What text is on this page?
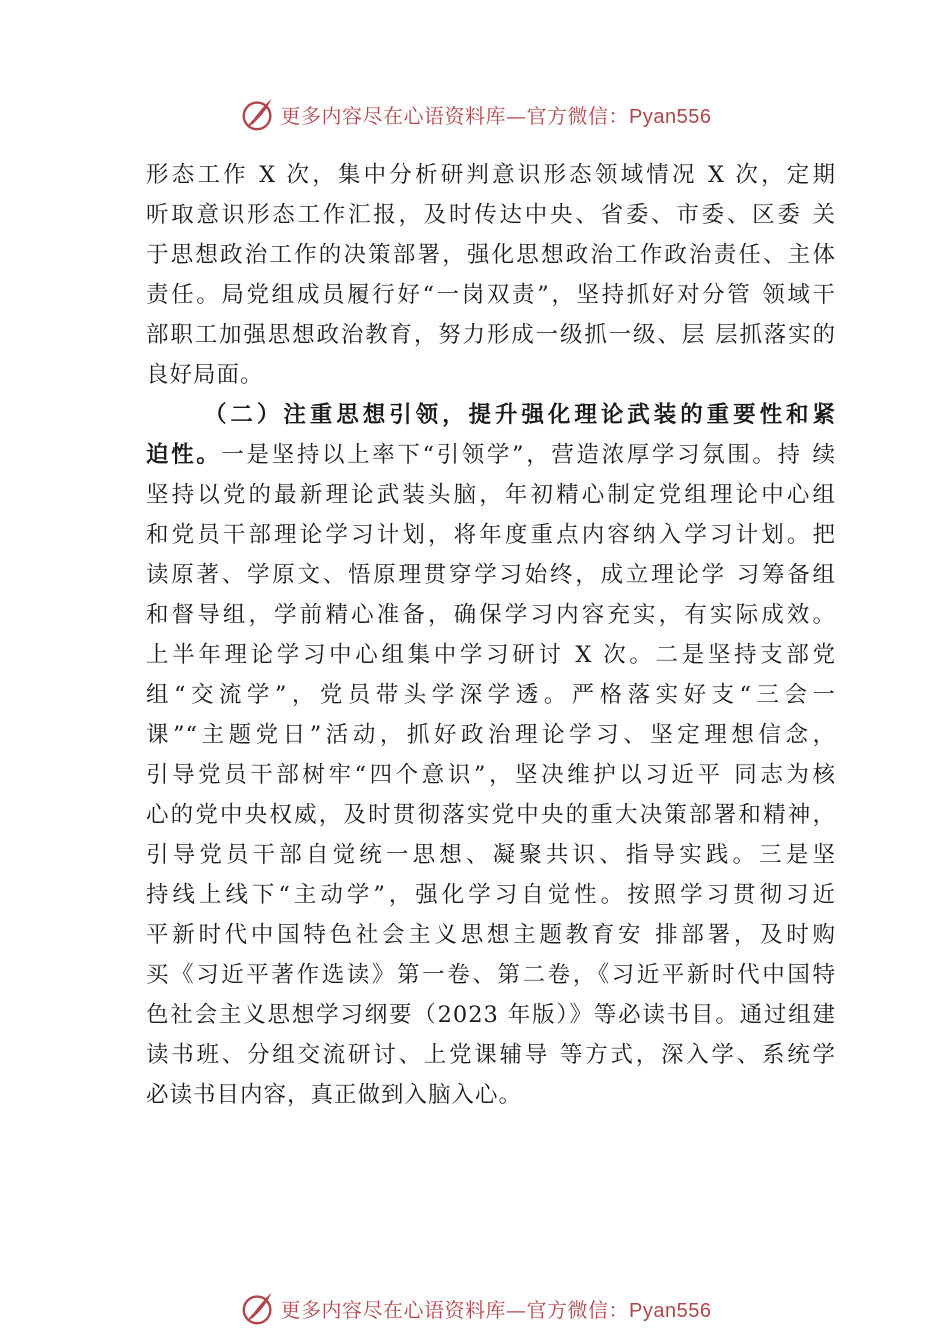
更多内容尽在心语资料库—官方微信：Pyan556
形态工作 X 次，集中分析研判意识形态领域情况 X 次，定期
听取意识形态工作汇报，及时传达中央、省委、市委、区委 关
于思想政治工作的决策部署，强化思想政治工作政治责任、主体
责任。局党组成员履行好“一岗双责”，坚持抓好对分管 领域干
部职工加强思想政治教育，努力形成一级抓一级、层 层抓落实的
良好局面。
（二）注重思想引领，提升强化理论武装的重要性和紧
迫性。一是坚持以上率下“引领学”，营造浓厚学习氛围。持 续
坚持以党的最新理论武装头脑，年初精心制定党组理论中心组
和党员干部理论学习计划，将年度重点内容纳入学习计划。把
读原著、学原文、悟原理贯穿学习始终，成立理论学 习筹备组
和督导组，学前精心准备，确保学习内容充实，有实际成效。
上半年理论学习中心组集中学习研讨 X 次。二是坚持支部党
组“交流学”，党员带头学深学透。严格落实好支“三会一
课”“主题党日”活动，抓好政治理论学习、坚定理想信念，
引导党员干部树牢“四个意识”，坚决维护以习近平 同志为核
心的党中央权威，及时贯彻落实党中央的重大决策部署和精神，
引导党员干部自觉统一思想、凝聚共识、指导实践。三是坚
持线上线下“主动学”，强化学习自觉性。按照学习贯彻习近
平新时代中国特色社会主义思想主题教育安 排部署，及时购
买《习近平著作选读》第一卷、第二卷，《习近平新时代中国特
色社会主义思想学习纲要（2023 年版）》等必读书目。通过组建
读书班、分组交流研讨、上党课辅导 等方式，深入学、系统学
必读书目内容，真正做到入脑入心。
更多内容尽在心语资料库—官方微信：Pyan556
